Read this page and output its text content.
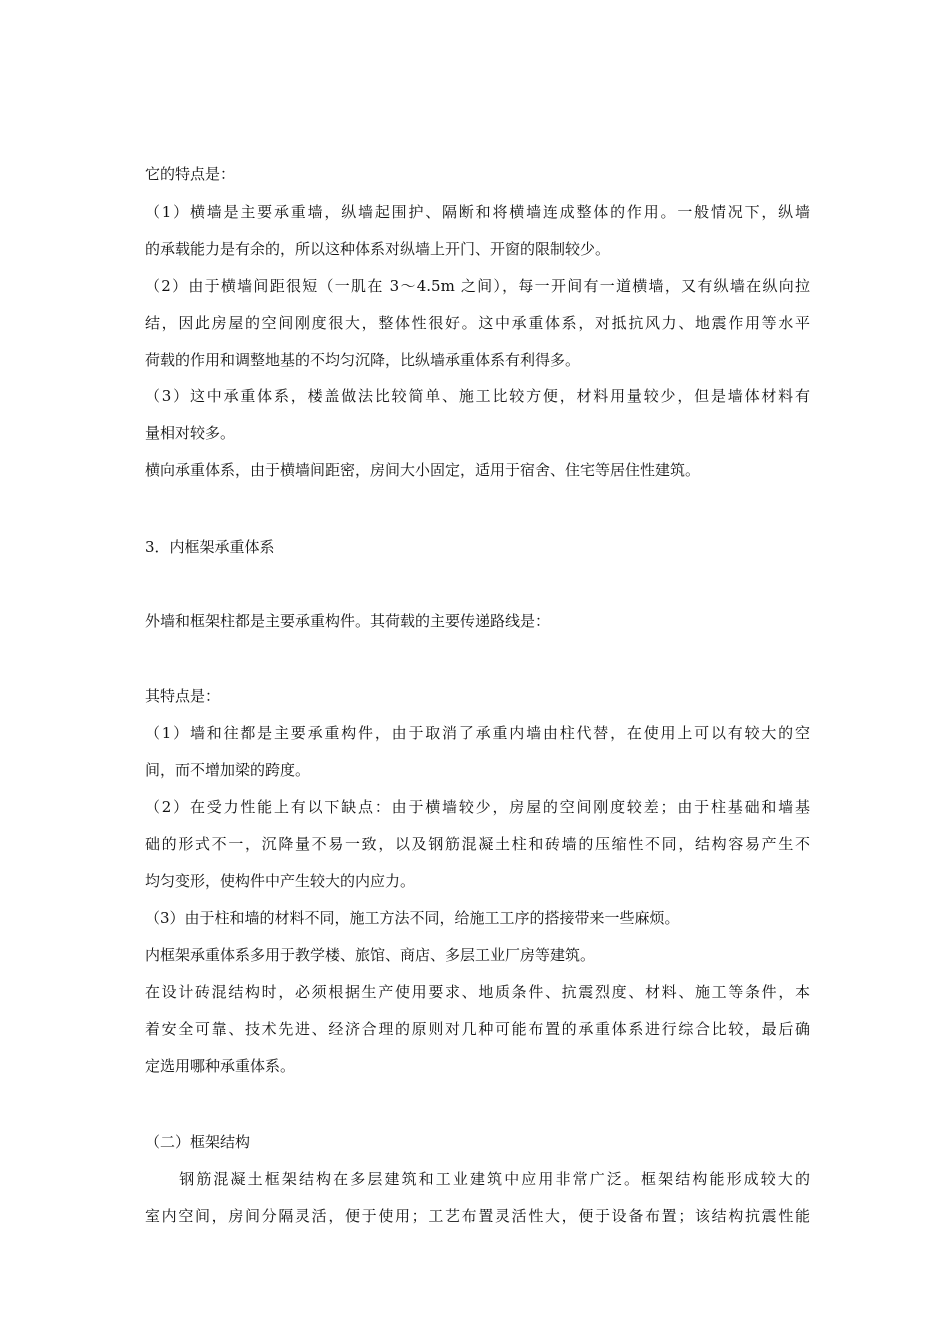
它的特点是：
（1）横墙是主要承重墙，纵墙起围护、隔断和将横墙连成整体的作用。一般情况下，纵墙
的承载能力是有余的，所以这种体系对纵墙上开门、开窗的限制较少。
（2）由于横墙间距很短（一肌在 3～4.5m 之间），每一开间有一道横墙，又有纵墙在纵向拉
结，因此房屋的空间刚度很大，整体性很好。这中承重体系，对抵抗风力、地震作用等水平
荷载的作用和调整地基的不均匀沉降，比纵墙承重体系有利得多。
（3）这中承重体系，楼盖做法比较简单、施工比较方便，材料用量较少，但是墙体材料有
量相对较多。
横向承重体系，由于横墙间距密，房间大小固定，适用于宿舍、住宅等居住性建筑。
3．内框架承重体系
外墙和框架柱都是主要承重构件。其荷载的主要传递路线是：
其特点是：
（1）墙和往都是主要承重构件，由于取消了承重内墙由柱代替，在使用上可以有较大的空
间，而不增加梁的跨度。
（2）在受力性能上有以下缺点：由于横墙较少，房屋的空间刚度较差；由于柱基础和墙基
础的形式不一，沉降量不易一致，以及钢筋混凝土柱和砖墙的压缩性不同，结构容易产生不
均匀变形，使构件中产生较大的内应力。
（3）由于柱和墙的材料不同，施工方法不同，给施工工序的搭接带来一些麻烦。
内框架承重体系多用于教学楼、旅馆、商店、多层工业厂房等建筑。
在设计砖混结构时，必须根据生产使用要求、地质条件、抗震烈度、材料、施工等条件，本
着安全可靠、技术先进、经济合理的原则对几种可能布置的承重体系进行综合比较，最后确
定选用哪种承重体系。
（二）框架结构
　　钢筋混凝土框架结构在多层建筑和工业建筑中应用非常广泛。框架结构能形成较大的
室内空间，房间分隔灵活，便于使用；工艺布置灵活性大，便于设备布置；该结构抗震性能
